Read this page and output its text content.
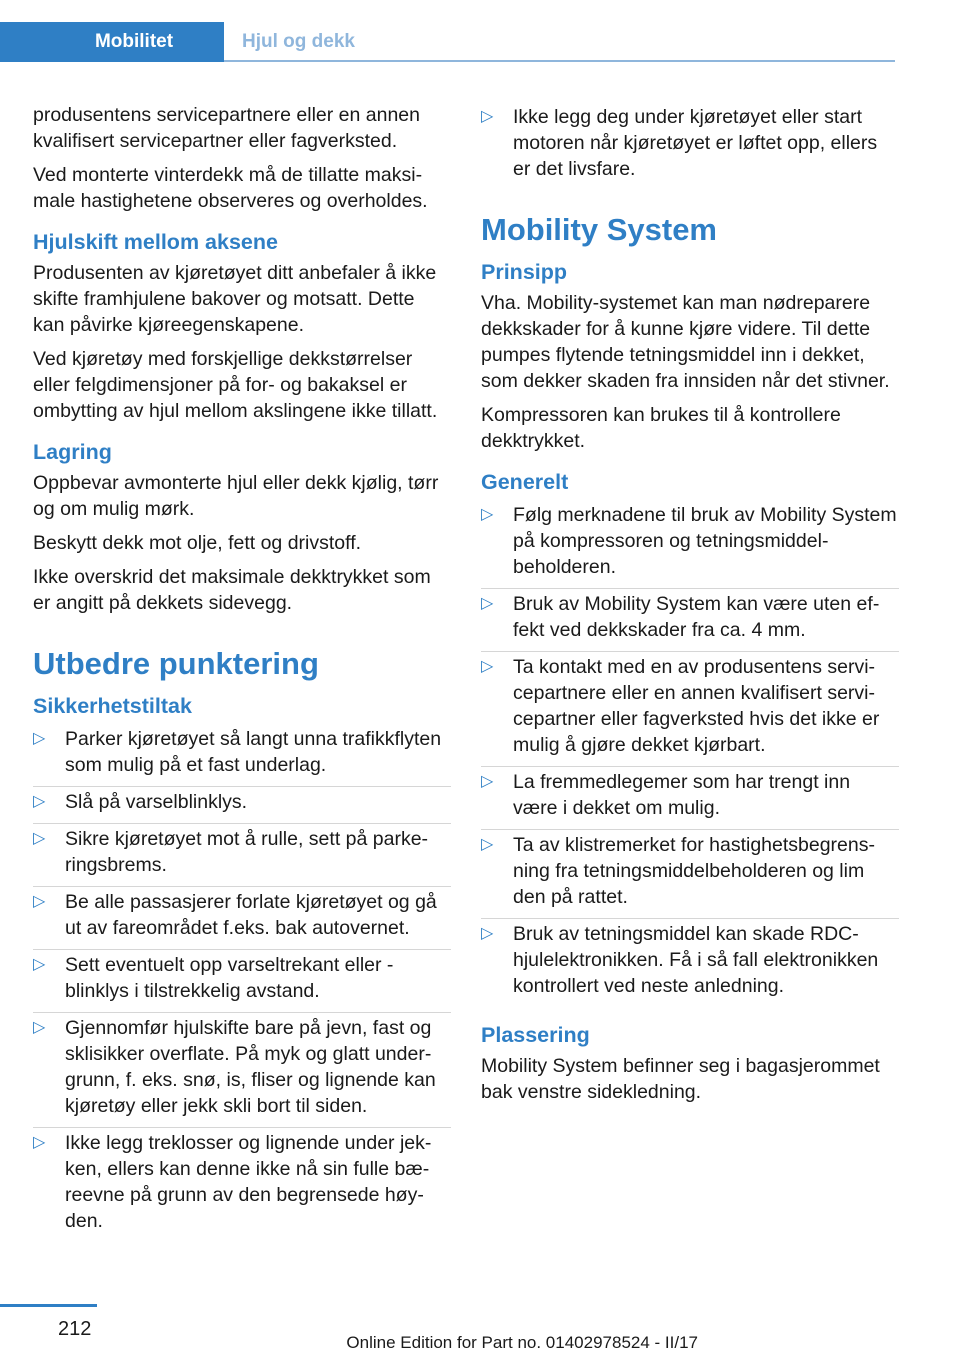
Mobilitet	Hjul og dekk

produsentens servicepartnere eller en annen kvalifisert servicepartner eller fagverksted.

Ved monterte vinterdekk må de tillatte maksimale hastighetene observeres og overholdes.

Hjulskift mellom aksene

Produsenten av kjøretøyet ditt anbefaler å ikke skifte framhjulene bakover og motsatt. Dette kan påvirke kjøreegenskapene.

Ved kjøretøy med forskjellige dekkstørrelser eller felgdimensjoner på for- og bakaksel er ombytting av hjul mellom akslingene ikke tillatt.

Lagring

Oppbevar avmonterte hjul eller dekk kjølig, tørr og om mulig mørk.

Beskytt dekk mot olje, fett og drivstoff.

Ikke overskrid det maksimale dekktrykket som er angitt på dekkets sidevegg.

Utbedre punktering
Sikkerhetstiltak
▷ Parker kjøretøyet så langt unna trafikkflyten som mulig på et fast underlag.
▷ Slå på varselblinklys.
▷ Sikre kjøretøyet mot å rulle, sett på parkeringsbrems.
▷ Be alle passasjerer forlate kjøretøyet og gå ut av fareområdet f.eks. bak autovernet.
▷ Sett eventuelt opp varseltrekant eller -blinklys i tilstrekkelig avstand.
▷ Gjennomfør hjulskifte bare på jevn, fast og sklisikker overflate. På myk og glatt undergrunn, f. eks. snø, is, fliser og lignende kan kjøretøy eller jekk skli bort til siden.
▷ Ikke legg treklosser og lignende under jekken, ellers kan denne ikke nå sin fulle bæreevne på grunn av den begrensede høyden.
▷ Ikke legg deg under kjøretøyet eller start motoren når kjøretøyet er løftet opp, ellers er det livsfare.
Mobility System
Prinsipp

Vha. Mobility-systemet kan man nødreparere dekkskader for å kunne kjøre videre. Til dette pumpes flytende tetningsmiddel inn i dekket, som dekker skaden fra innsiden når det stivner.

Kompressoren kan brukes til å kontrollere dekktrykket.

Generelt
▷ Følg merknadene til bruk av Mobility System på kompressoren og tetningsmiddelbeholderen.
▷ Bruk av Mobility System kan være uten effekt ved dekkskader fra ca. 4 mm.
▷ Ta kontakt med en av produsentens servicepartnere eller en annen kvalifisert servicepartner eller fagverksted hvis det ikke er mulig å gjøre dekket kjørbart.
▷ La fremmedlegemer som har trengt inn være i dekket om mulig.
▷ Ta av klistremerket for hastighetsbegrensning fra tetningsmiddelbeholderen og lim den på rattet.
▷ Bruk av tetningsmiddel kan skade RDC-hjulelektronikken. Få i så fall elektronikken kontrollert ved neste anledning.
Plassering

Mobility System befinner seg i bagasjerommet bak venstre sidekledning.

212
Online Edition for Part no. 01402978524 - II/17
